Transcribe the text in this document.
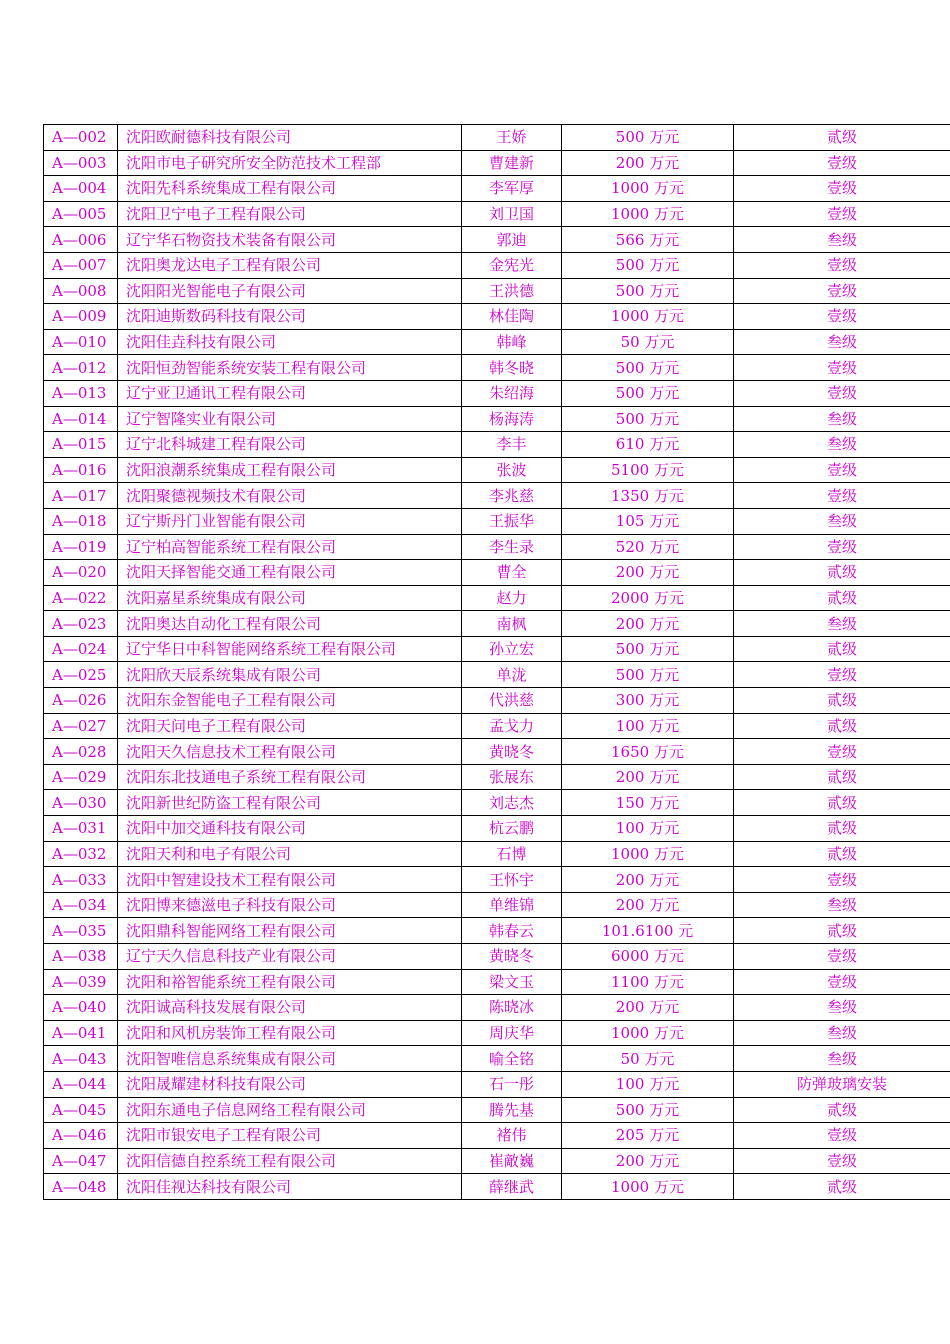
A—002	沈阳欧耐德科技有限公司	王娇	500 万元	贰级
A—003	沈阳市电子研究所安全防范技术工程部	曹建新	200 万元	壹级
A—004	沈阳先科系统集成工程有限公司	李军厚	1000 万元	壹级
A—005	沈阳卫宁电子工程有限公司	刘卫国	1000 万元	壹级
A—006	辽宁华石物资技术装备有限公司	郭迪	566 万元	叁级
A—007	沈阳奥龙达电子工程有限公司	金宪光	500 万元	壹级
A—008	沈阳阳光智能电子有限公司	王洪德	500 万元	壹级
A—009	沈阳迪斯数码科技有限公司	林佳陶	1000 万元	壹级
A—010	沈阳佳垚科技有限公司	韩峰	50 万元	叁级
A—012	沈阳恒劲智能系统安装工程有限公司	韩冬晓	500 万元	壹级
A—013	辽宁亚卫通讯工程有限公司	朱绍海	500 万元	壹级
A—014	辽宁智隆实业有限公司	杨海涛	500 万元	叁级
A—015	辽宁北科城建工程有限公司	李丰	610 万元	叁级
A—016	沈阳浪潮系统集成工程有限公司	张波	5100 万元	壹级
A—017	沈阳聚德视频技术有限公司	李兆慈	1350 万元	壹级
A—018	辽宁斯丹门业智能有限公司	王振华	105 万元	叁级
A—019	辽宁柏高智能系统工程有限公司	李生录	520 万元	壹级
A—020	沈阳天择智能交通工程有限公司	曹全	200 万元	贰级
A—022	沈阳嘉星系统集成有限公司	赵力	2000 万元	贰级
A—023	沈阳奥达自动化工程有限公司	南枫	200 万元	叁级
A—024	辽宁华日中科智能网络系统工程有限公司	孙立宏	500 万元	贰级
A—025	沈阳欣天辰系统集成有限公司	单泷	500 万元	壹级
A—026	沈阳东金智能电子工程有限公司	代洪慈	300 万元	贰级
A—027	沈阳天问电子工程有限公司	孟戈力	100 万元	贰级
A—028	沈阳天久信息技术工程有限公司	黄晓冬	1650 万元	壹级
A—029	沈阳东北技通电子系统工程有限公司	张展东	200 万元	贰级
A—030	沈阳新世纪防盗工程有限公司	刘志杰	150 万元	贰级
A—031	沈阳中加交通科技有限公司	杭云鹏	100 万元	贰级
A—032	沈阳天利和电子有限公司	石博	1000 万元	贰级
A—033	沈阳中智建设技术工程有限公司	王怀宇	200 万元	壹级
A—034	沈阳博来德滋电子科技有限公司	单维锦	200 万元	叁级
A—035	沈阳鼎科智能网络工程有限公司	韩春云	101.6100 元	贰级
A—038	辽宁天久信息科技产业有限公司	黄晓冬	6000 万元	壹级
A—039	沈阳和裕智能系统工程有限公司	梁文玉	1100 万元	壹级
A—040	沈阳诚高科技发展有限公司	陈晓冰	200 万元	叁级
A—041	沈阳和风机房装饰工程有限公司	周庆华	1000 万元	叁级
A—043	沈阳智唯信息系统集成有限公司	喻全铭	50 万元	叁级
A—044	沈阳晟耀建材科技有限公司	石一彤	100 万元	防弹玻璃安装
A—045	沈阳东通电子信息网络工程有限公司	腾先基	500 万元	贰级
A—046	沈阳市银安电子工程有限公司	褚伟	205 万元	壹级
A—047	沈阳信德自控系统工程有限公司	崔敵巍	200 万元	壹级
A—048	沈阳佳视达科技有限公司	薛继武	1000 万元	贰级
